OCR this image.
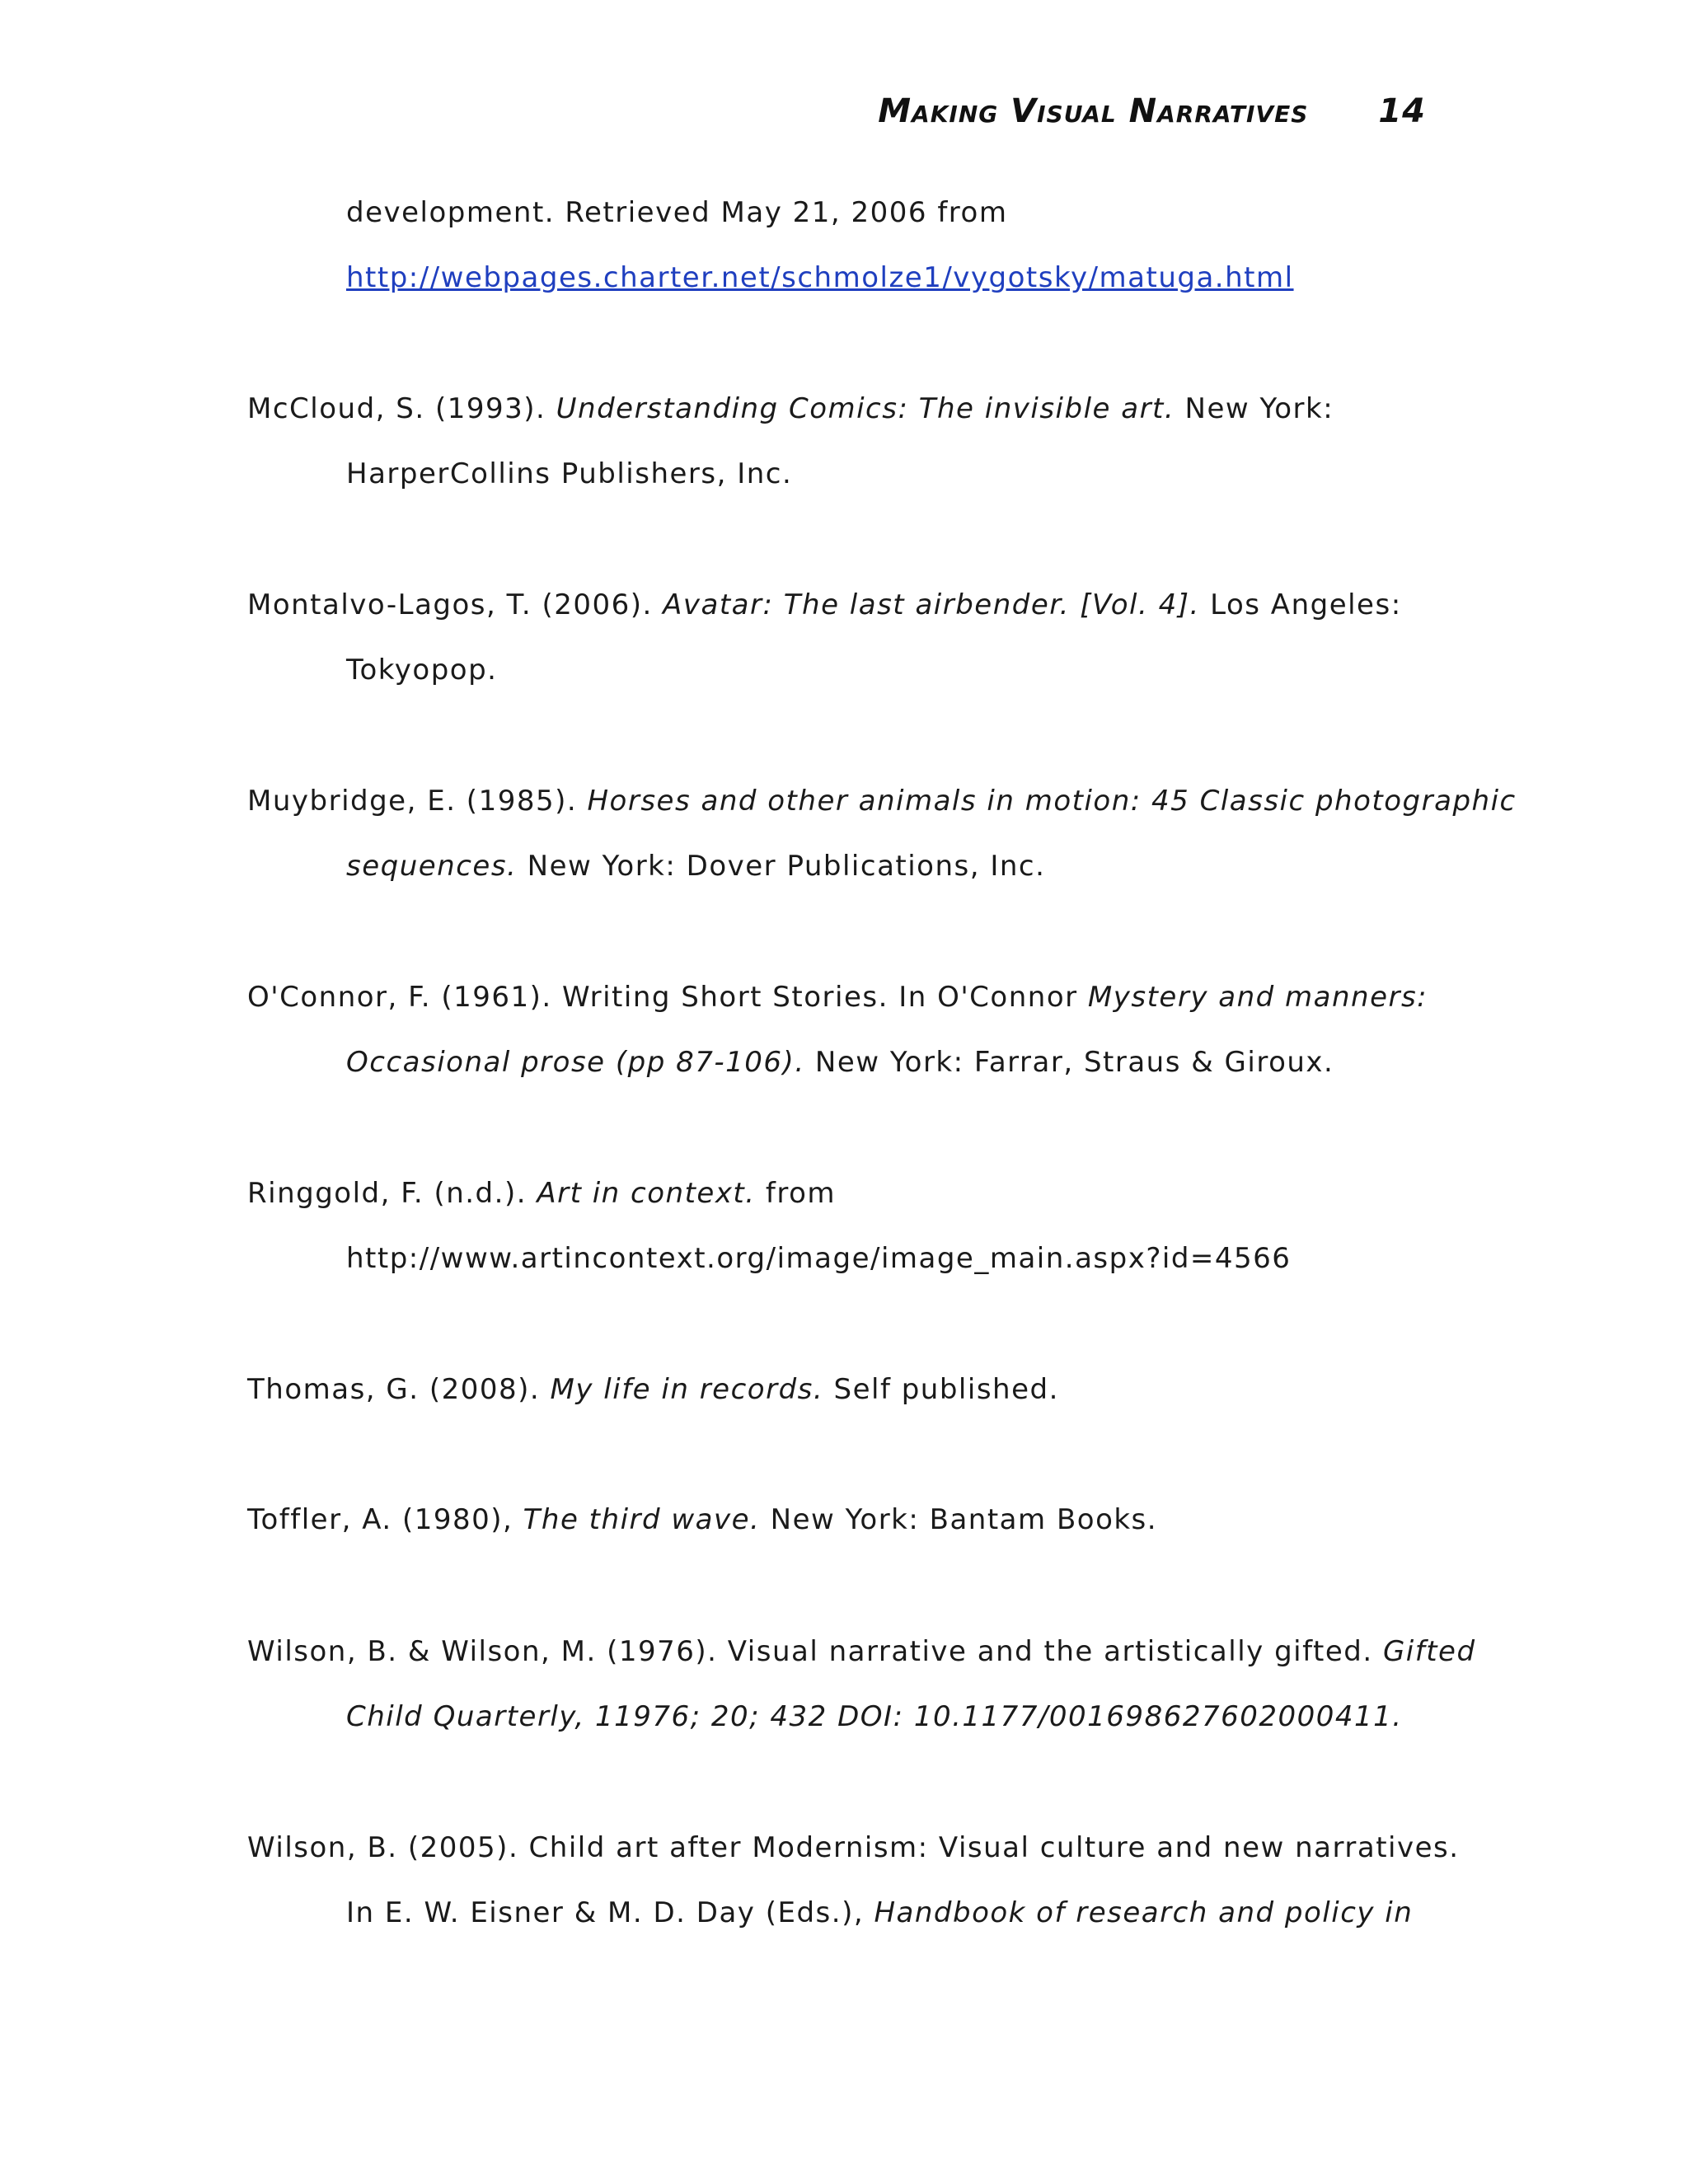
Making Visual Narratives 14
development. Retrieved May 21, 2006 from
http://webpages.charter.net/schmolze1/vygotsky/matuga.html
McCloud, S. (1993). Understanding Comics: The invisible art. New York:
HarperCollins Publishers, Inc.
Montalvo-Lagos, T. (2006). Avatar: The last airbender. [Vol. 4]. Los Angeles:
Tokyopop.
Muybridge, E. (1985). Horses and other animals in motion: 45 Classic photographic
sequences. New York: Dover Publications, Inc.
O'Connor, F. (1961). Writing Short Stories. In O'Connor Mystery and manners:
Occasional prose (pp 87-106). New York: Farrar, Straus & Giroux.
Ringgold, F. (n.d.). Art in context. from
http://www.artincontext.org/image/image_main.aspx?id=4566
Thomas, G. (2008). My life in records. Self published.
Toffler, A. (1980), The third wave. New York: Bantam Books.
Wilson, B. & Wilson, M. (1976). Visual narrative and the artistically gifted. Gifted
Child Quarterly, 11976; 20; 432 DOI: 10.1177/001698627602000411.
Wilson, B. (2005). Child art after Modernism: Visual culture and new narratives.
In E. W. Eisner & M. D. Day (Eds.), Handbook of research and policy in
